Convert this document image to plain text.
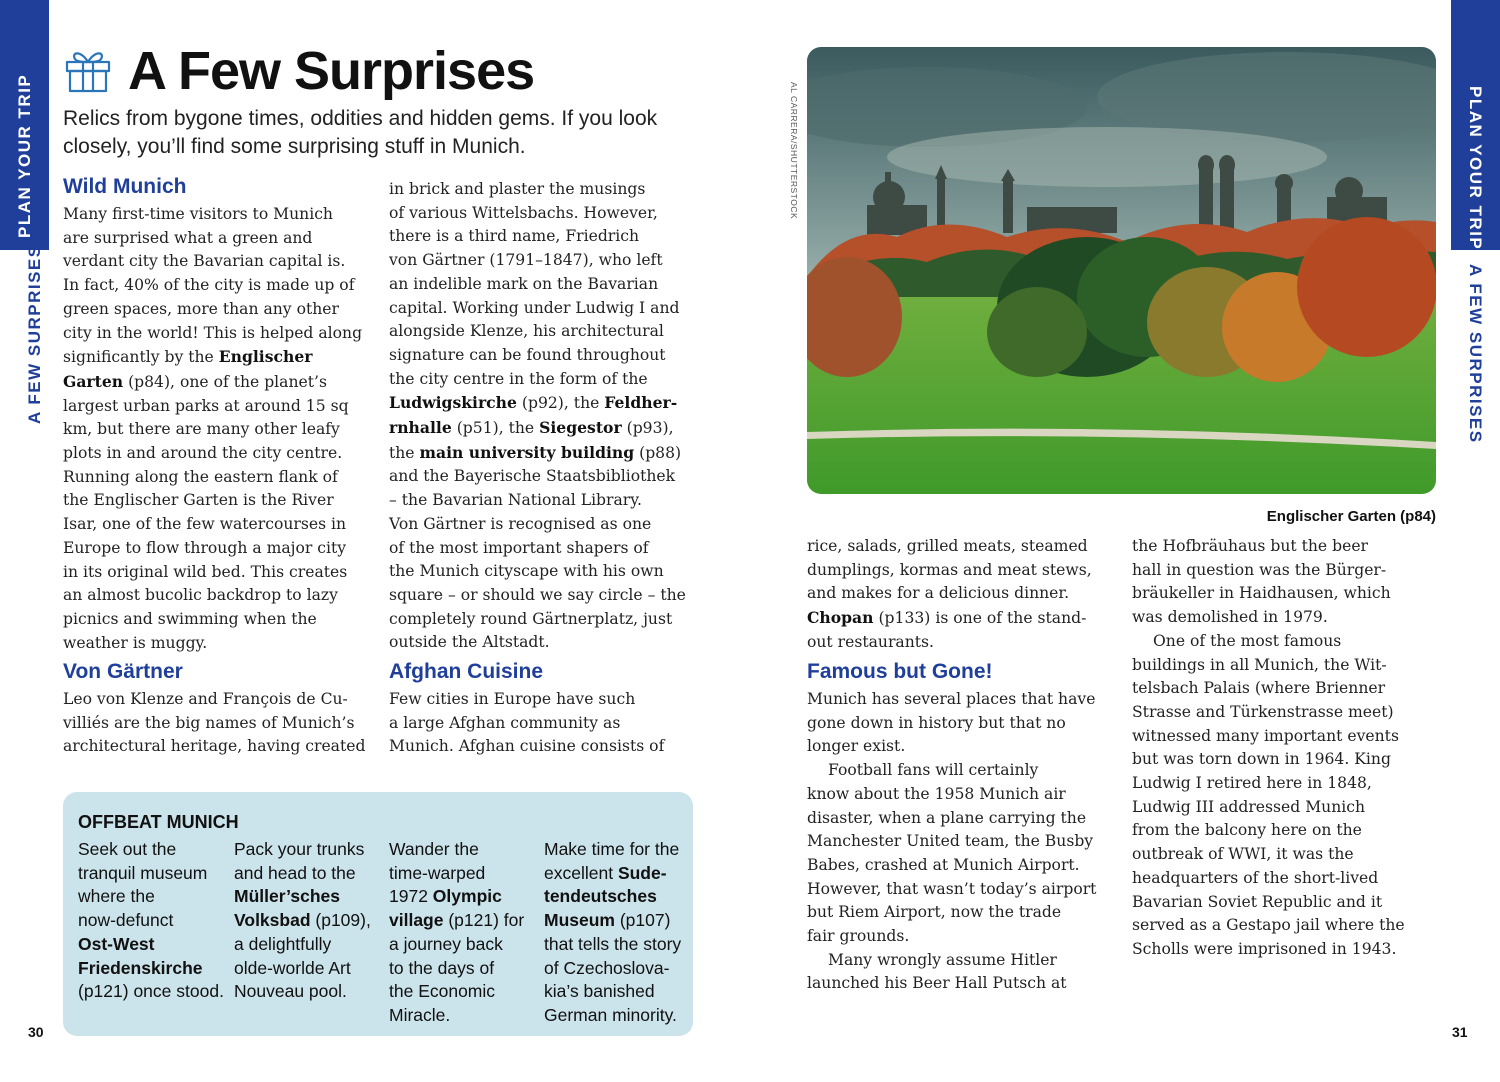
PLAN YOUR TRIP
A FEW SURPRISES
PLAN YOUR TRIP
A FEW SURPRISES
A Few Surprises
Relics from bygone times, oddities and hidden gems. If you look
closely, you’ll find some surprising stuff in Munich.
Wild Munich
Many first-time visitors to Munich
are surprised what a green and
verdant city the Bavarian capital is.
In fact, 40% of the city is made up of
green spaces, more than any other
city in the world! This is helped along
significantly by the Englischer
Garten (p84), one of the planet’s
largest urban parks at around 15 sq
km, but there are many other leafy
plots in and around the city centre.
Running along the eastern flank of
the Englischer Garten is the River
Isar, one of the few watercourses in
Europe to flow through a major city
in its original wild bed. This creates
an almost bucolic backdrop to lazy
picnics and swimming when the
weather is muggy.
Von Gärtner
Leo von Klenze and François de Cu-
villiés are the big names of Munich’s
architectural heritage, having created
in brick and plaster the musings
of various Wittelsbachs. However,
there is a third name, Friedrich
von Gärtner (1791–1847), who left
an indelible mark on the Bavarian
capital. Working under Ludwig I and
alongside Klenze, his architectural
signature can be found throughout
the city centre in the form of the
Ludwigskirche (p92), the Feldher-
rnhalle (p51), the Siegestor (p93),
the main university building (p88)
and the Bayerische Staatsbibliothek
– the Bavarian National Library.
Von Gärtner is recognised as one
of the most important shapers of
the Munich cityscape with his own
square – or should we say circle – the
completely round Gärtnerplatz, just
outside the Altstadt.
Afghan Cuisine
Few cities in Europe have such
a large Afghan community as
Munich. Afghan cuisine consists of
OFFBEAT MUNICH
Seek out the
tranquil museum
where the
now-defunct
Ost-West
Friedenskirche
(p121) once stood.
Pack your trunks
and head to the
Müller’sches
Volksbad (p109),
a delightfully
olde-worlde Art
Nouveau pool.
Wander the
time-warped
1972 Olympic
village (p121) for
a journey back
to the days of
the Economic
Miracle.
Make time for the
excellent Sude-
tendeutsches
Museum (p107)
that tells the story
of Czechoslova-
kia’s banished
German minority.
30	31
AL CARRERA/SHUTTERSTOCK
Englischer Garten (p84)
rice, salads, grilled meats, steamed
dumplings, kormas and meat stews,
and makes for a delicious dinner.
Chopan (p133) is one of the stand-
out restaurants.
Famous but Gone!
Munich has several places that have
gone down in history but that no
longer exist.
Football fans will certainly
know about the 1958 Munich air
disaster, when a plane carrying the
Manchester United team, the Busby
Babes, crashed at Munich Airport.
However, that wasn’t today’s airport
but Riem Airport, now the trade
fair grounds.
Many wrongly assume Hitler
launched his Beer Hall Putsch at
the Hofbräuhaus but the beer
hall in question was the Bürger-
bräukeller in Haidhausen, which
was demolished in 1979.
One of the most famous
buildings in all Munich, the Wit-
telsbach Palais (where Brienner
Strasse and Türkenstrasse meet)
witnessed many important events
but was torn down in 1964. King
Ludwig I retired here in 1848,
Ludwig III addressed Munich
from the balcony here on the
outbreak of WWI, it was the
headquarters of the short-lived
Bavarian Soviet Republic and it
served as a Gestapo jail where the
Scholls were imprisoned in 1943.
